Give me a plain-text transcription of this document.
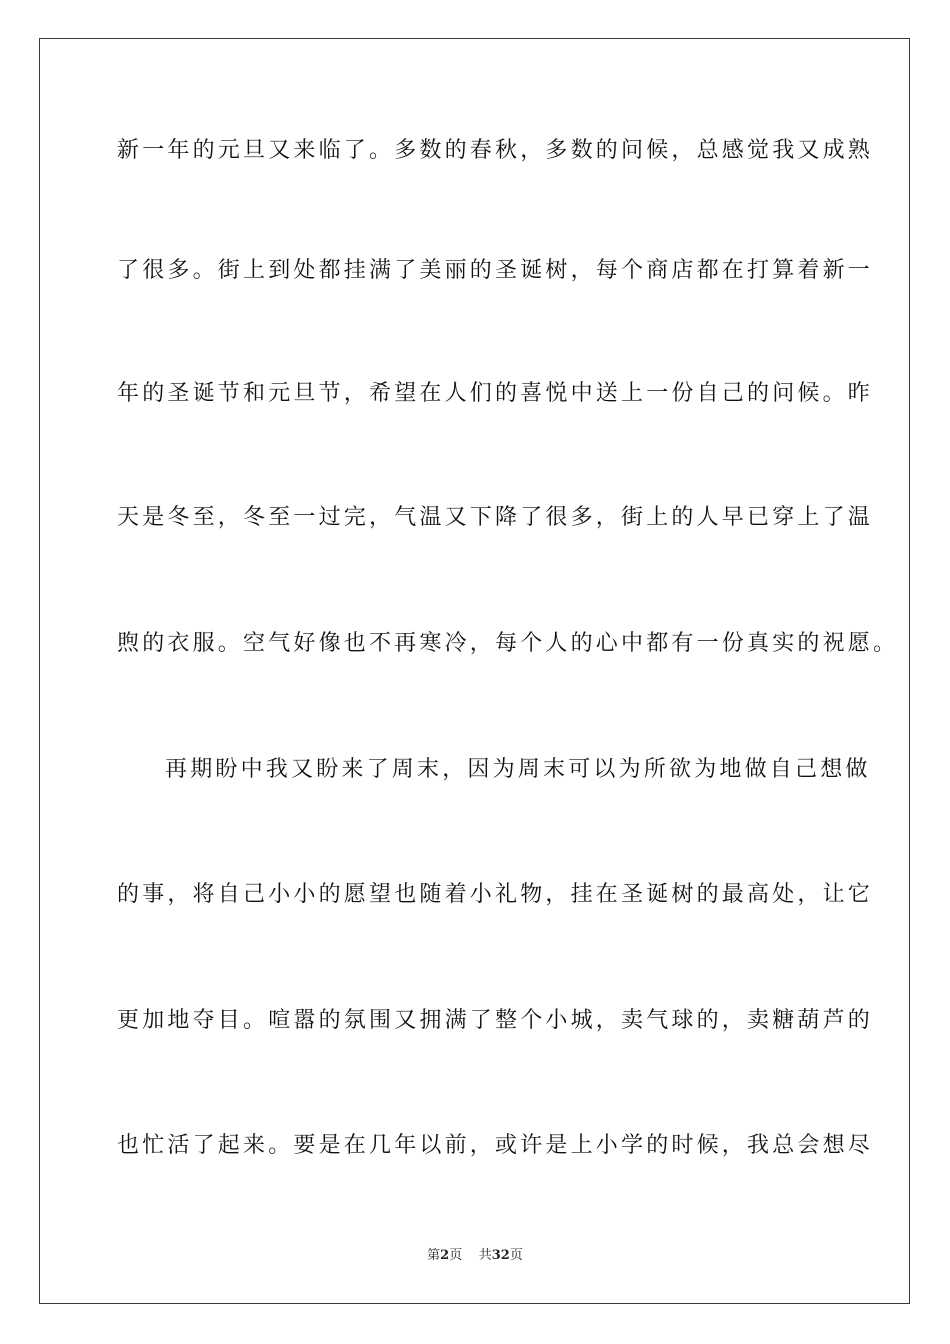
新一年的元旦又来临了。多数的春秋，多数的问候，总感觉我又成熟
了很多。街上到处都挂满了美丽的圣诞树，每个商店都在打算着新一
年的圣诞节和元旦节，希望在人们的喜悦中送上一份自己的问候。昨
天是冬至，冬至一过完，气温又下降了很多，街上的人早已穿上了温
煦的衣服。空气好像也不再寒冷，每个人的心中都有一份真实的祝愿。
再期盼中我又盼来了周末，因为周末可以为所欲为地做自己想做
的事，将自己小小的愿望也随着小礼物，挂在圣诞树的最高处，让它
更加地夺目。喧嚣的氛围又拥满了整个小城，卖气球的，卖糖葫芦的
也忙活了起来。要是在几年以前，或许是上小学的时候，我总会想尽
第2页 共32页
